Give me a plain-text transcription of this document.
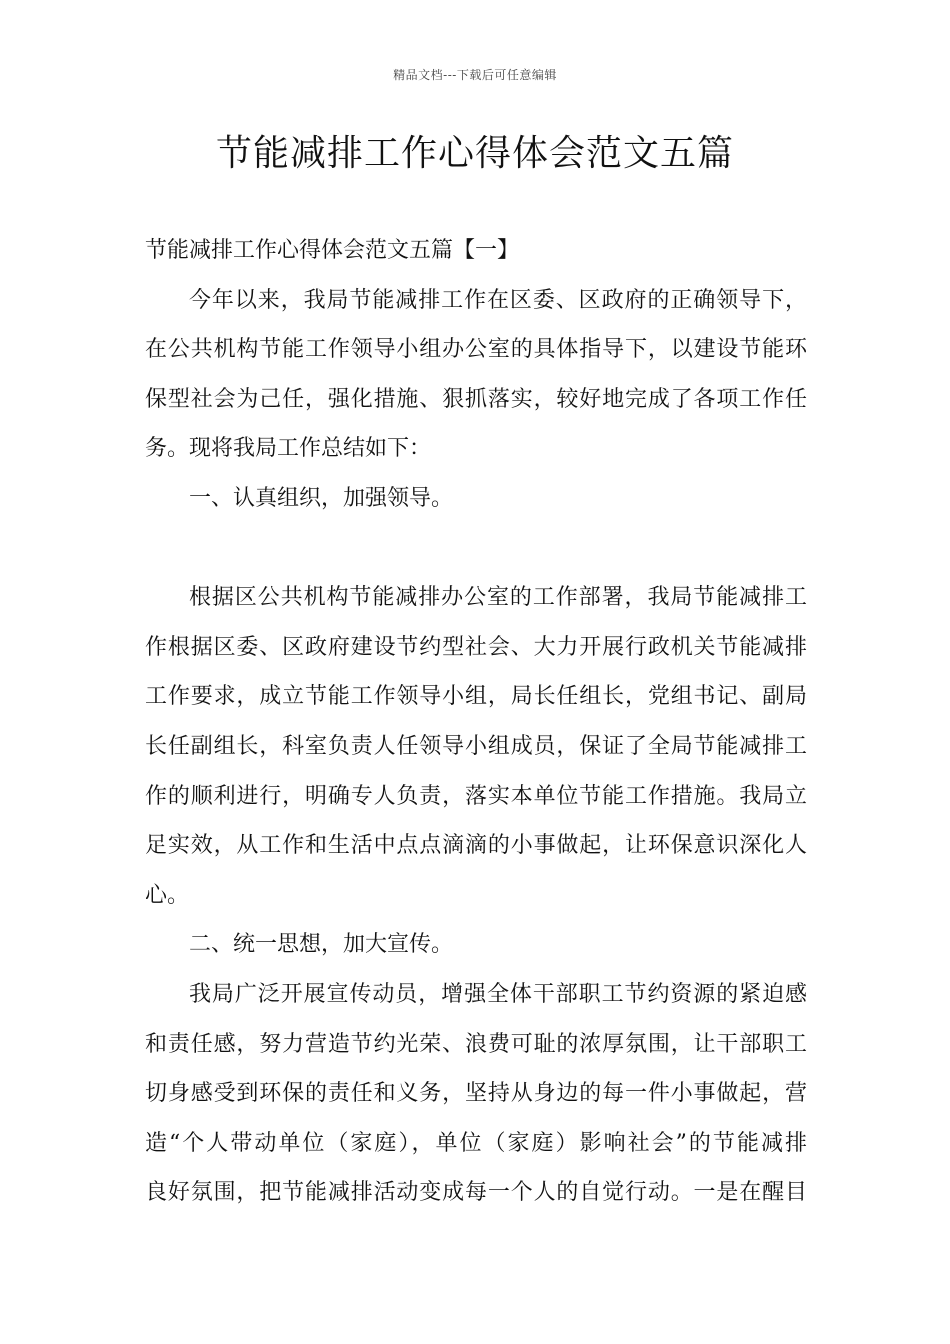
精品文档---下载后可任意编辑
节能减排工作心得体会范文五篇
节能减排工作心得体会范文五篇【一】
今年以来，我局节能减排工作在区委、区政府的正确领导下，
在公共机构节能工作领导小组办公室的具体指导下，以建设节能环
保型社会为己任，强化措施、狠抓落实，较好地完成了各项工作任
务。现将我局工作总结如下：
一、认真组织，加强领导。
根据区公共机构节能减排办公室的工作部署，我局节能减排工
作根据区委、区政府建设节约型社会、大力开展行政机关节能减排
工作要求，成立节能工作领导小组，局长任组长，党组书记、副局
长任副组长，科室负责人任领导小组成员，保证了全局节能减排工
作的顺利进行，明确专人负责，落实本单位节能工作措施。我局立
足实效，从工作和生活中点点滴滴的小事做起，让环保意识深化人
心。
二、统一思想，加大宣传。
我局广泛开展宣传动员，增强全体干部职工节约资源的紧迫感
和责任感，努力营造节约光荣、浪费可耻的浓厚氛围，让干部职工
切身感受到环保的责任和义务，坚持从身边的每一件小事做起，营
造“个人带动单位（家庭），单位（家庭）影响社会”的节能减排
良好氛围，把节能减排活动变成每一个人的自觉行动。一是在醒目
